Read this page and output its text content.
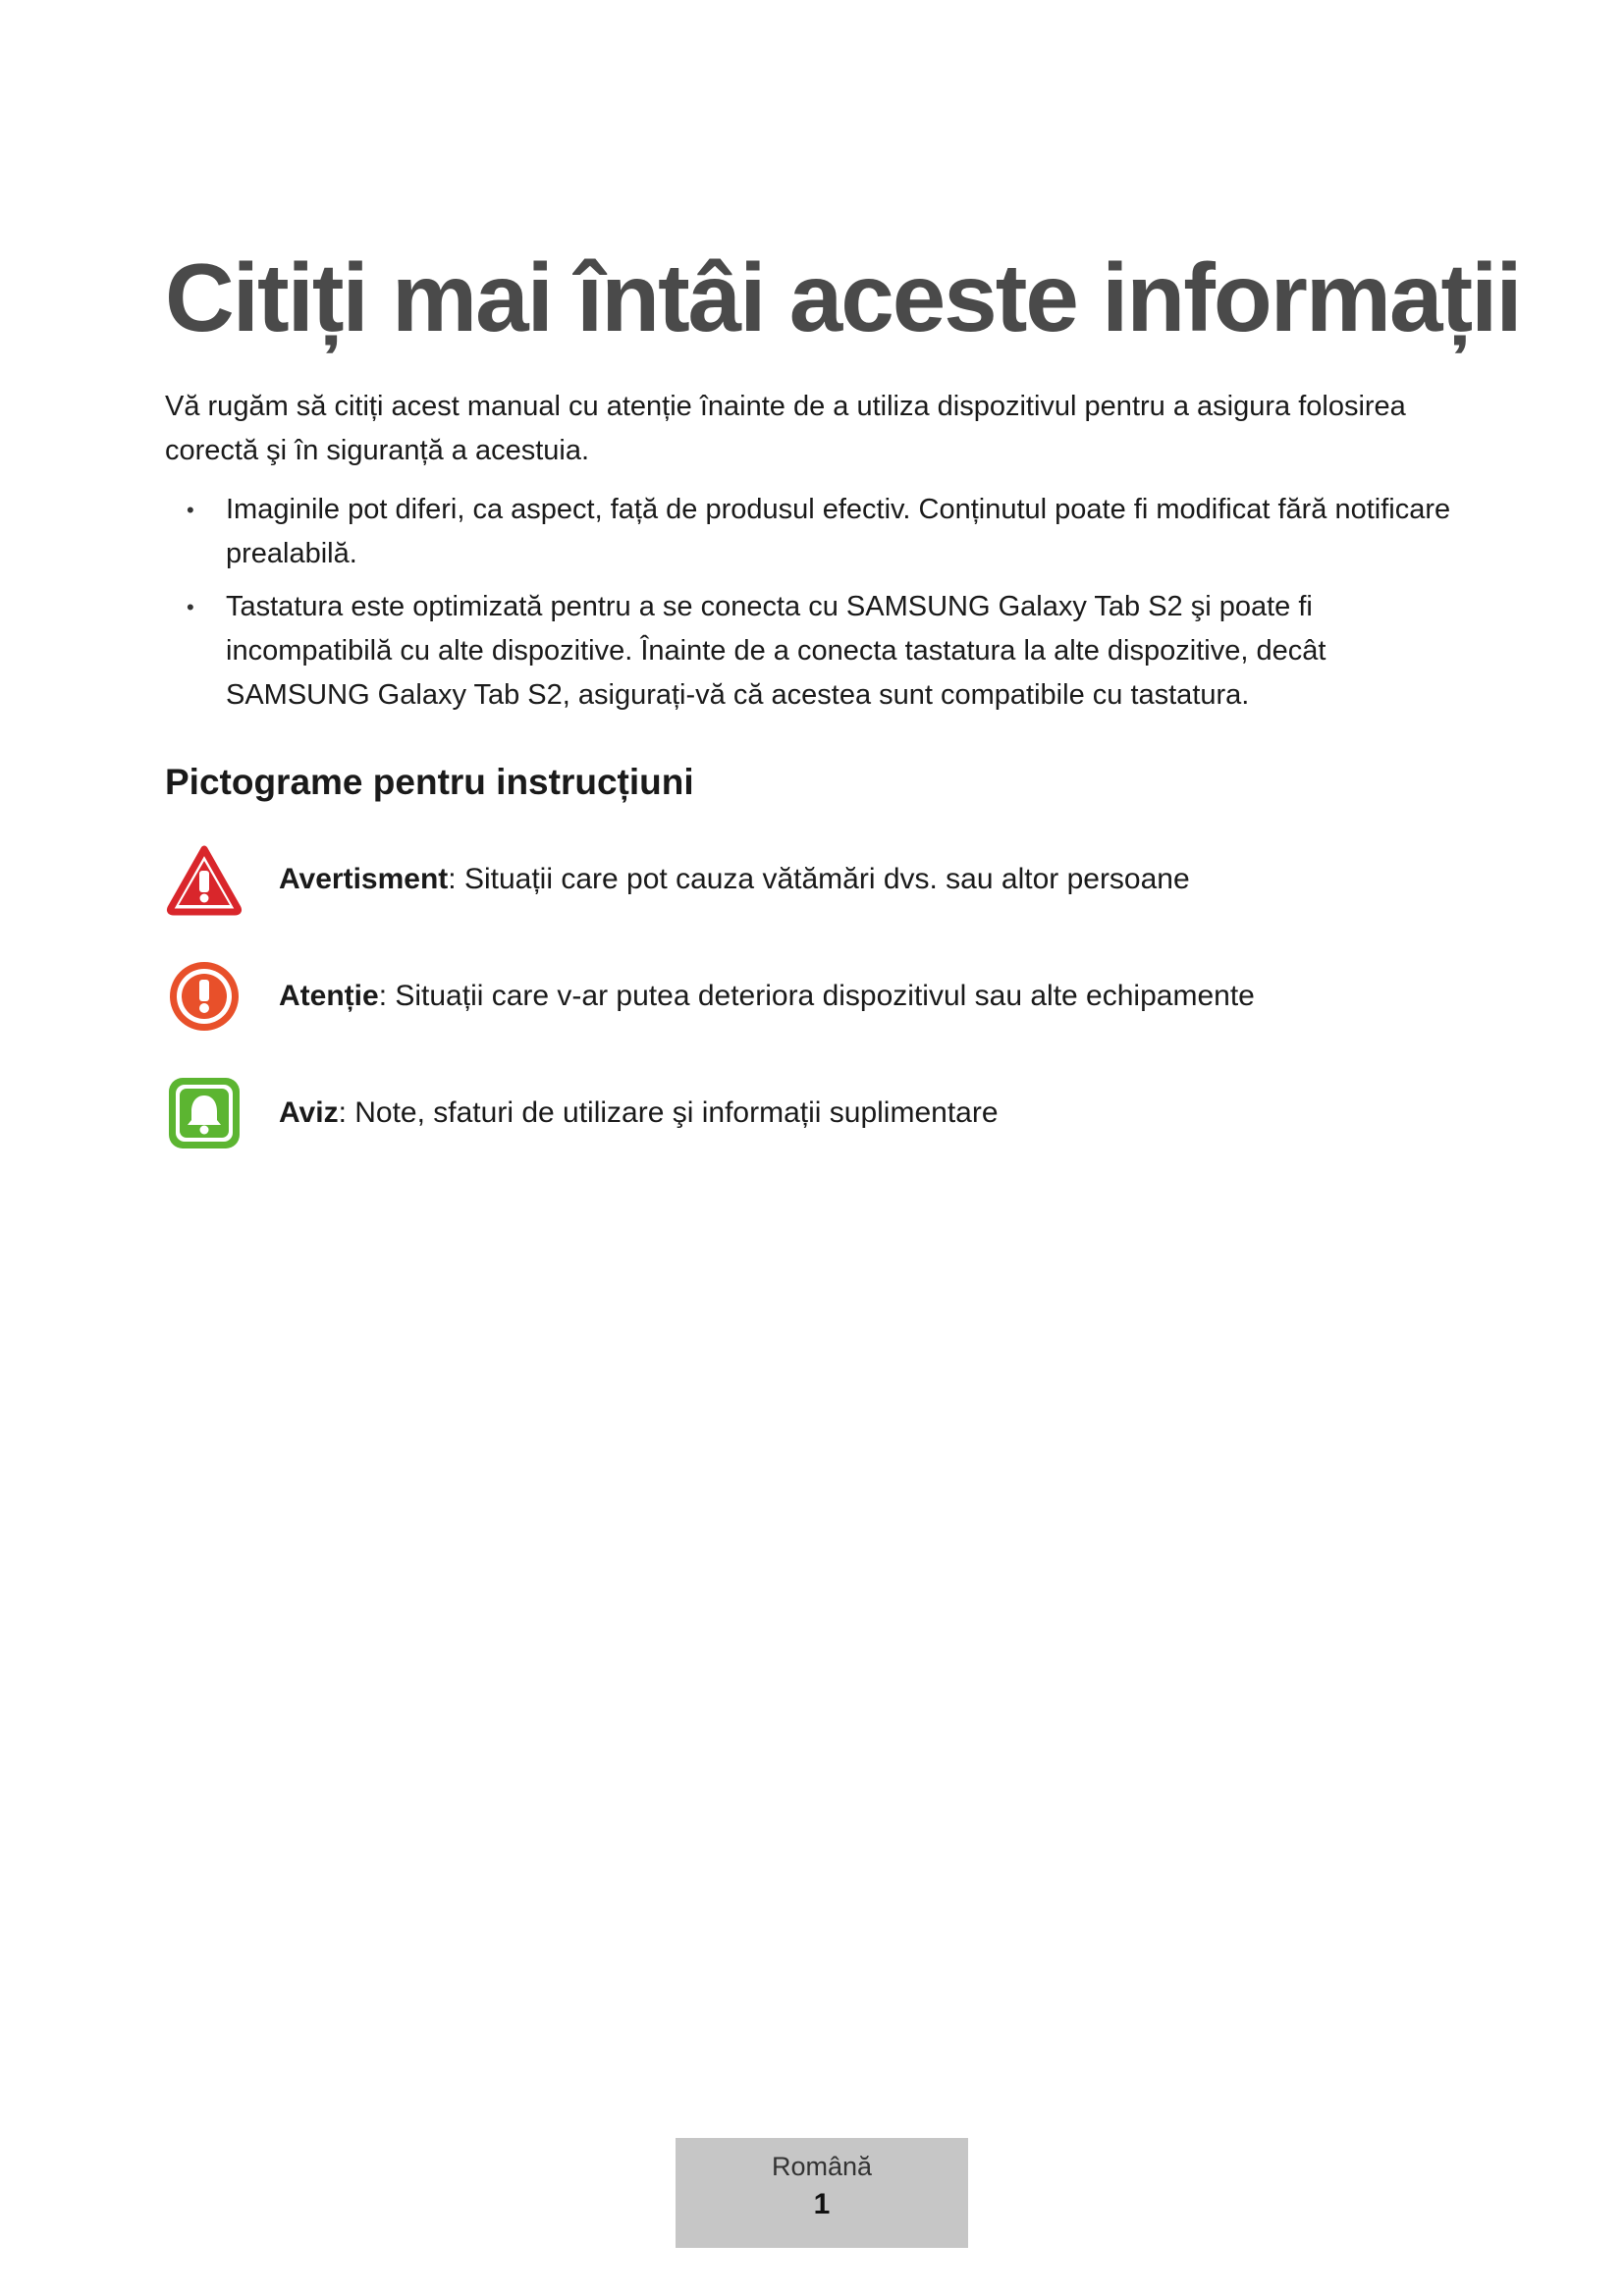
Citiți mai întâi aceste informații

Vă rugăm să citiți acest manual cu atenție înainte de a utiliza dispozitivul pentru a asigura folosirea corectă şi în siguranță a acestuia.

• Imaginile pot diferi, ca aspect, față de produsul efectiv. Conținutul poate fi modificat fără notificare prealabilă.
• Tastatura este optimizată pentru a se conecta cu SAMSUNG Galaxy Tab S2 şi poate fi incompatibilă cu alte dispozitive. Înainte de a conecta tastatura la alte dispozitive, decât SAMSUNG Galaxy Tab S2, asigurați-vă că acestea sunt compatibile cu tastatura.
Pictograme pentru instrucțiuni
Avertisment: Situații care pot cauza vătămări dvs. sau altor persoane
Atenție: Situații care v-ar putea deteriora dispozitivul sau alte echipamente
Aviz: Note, sfaturi de utilizare şi informații suplimentare
Română
1
